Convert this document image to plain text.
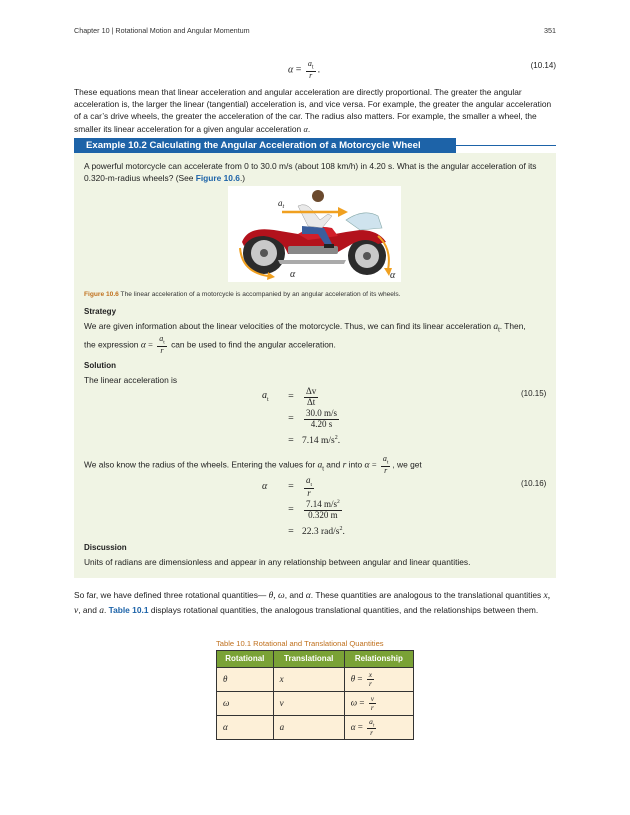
Chapter 10 | Rotational Motion and Angular Momentum	351
$\alpha = \frac{a_t}{r}$ .	(10.14)
These equations mean that linear acceleration and angular acceleration are directly proportional. The greater the angular acceleration is, the larger the linear (tangential) acceleration is, and vice versa. For example, the greater the angular acceleration of a car’s drive wheels, the greater the acceleration of the car. The radius also matters. For example, the smaller a wheel, the smaller its linear acceleration for a given angular acceleration α.
Example 10.2 Calculating the Angular Acceleration of a Motorcycle Wheel
A powerful motorcycle can accelerate from 0 to 30.0 m/s (about 108 km/h) in 4.20 s. What is the angular acceleration of its 0.320-m-radius wheels? (See Figure 10.6.)
$a_t$
α	α
Figure 10.6 The linear acceleration of a motorcycle is accompanied by an angular acceleration of its wheels.
Strategy
We are given information about the linear velocities of the motorcycle. Thus, we can find its linear acceleration $a_t$. Then,
the expression $\alpha = \frac{a_t}{r}$ can be used to find the angular acceleration.
Solution
The linear acceleration is
$a_t$	=	$\frac{\Delta v}{\Delta t}$
=	$\frac{30.0 m/s}{4.20 s}$
= 7.14 $m/s^2$.
(10.15)
We also know the radius of the wheels. Entering the values for $a_t$ and r into $\alpha = \frac{a_t}{r}$ , we get
α	=	$\frac{a_t}{r}$
=	$\frac{7.14 m/s^2}{0.320 m}$
= 22.3 rad/$s^2$.
(10.16)
Discussion
Units of radians are dimensionless and appear in any relationship between angular and linear quantities.
So far, we have defined three rotational quantities— θ, ω, and α. These quantities are analogous to the translational quantities x, v, and a. Table 10.1 displays rotational quantities, the analogous translational quantities, and the relationships between them.
Table 10.1 Rotational and Translational Quantities
Rotational	Translational	Relationship
θ	x	$\theta = \frac{x}{r}$

ω	v	$\omega = \frac{v}{r}$

α	a	$\alpha = \frac{a_t}{r}$
